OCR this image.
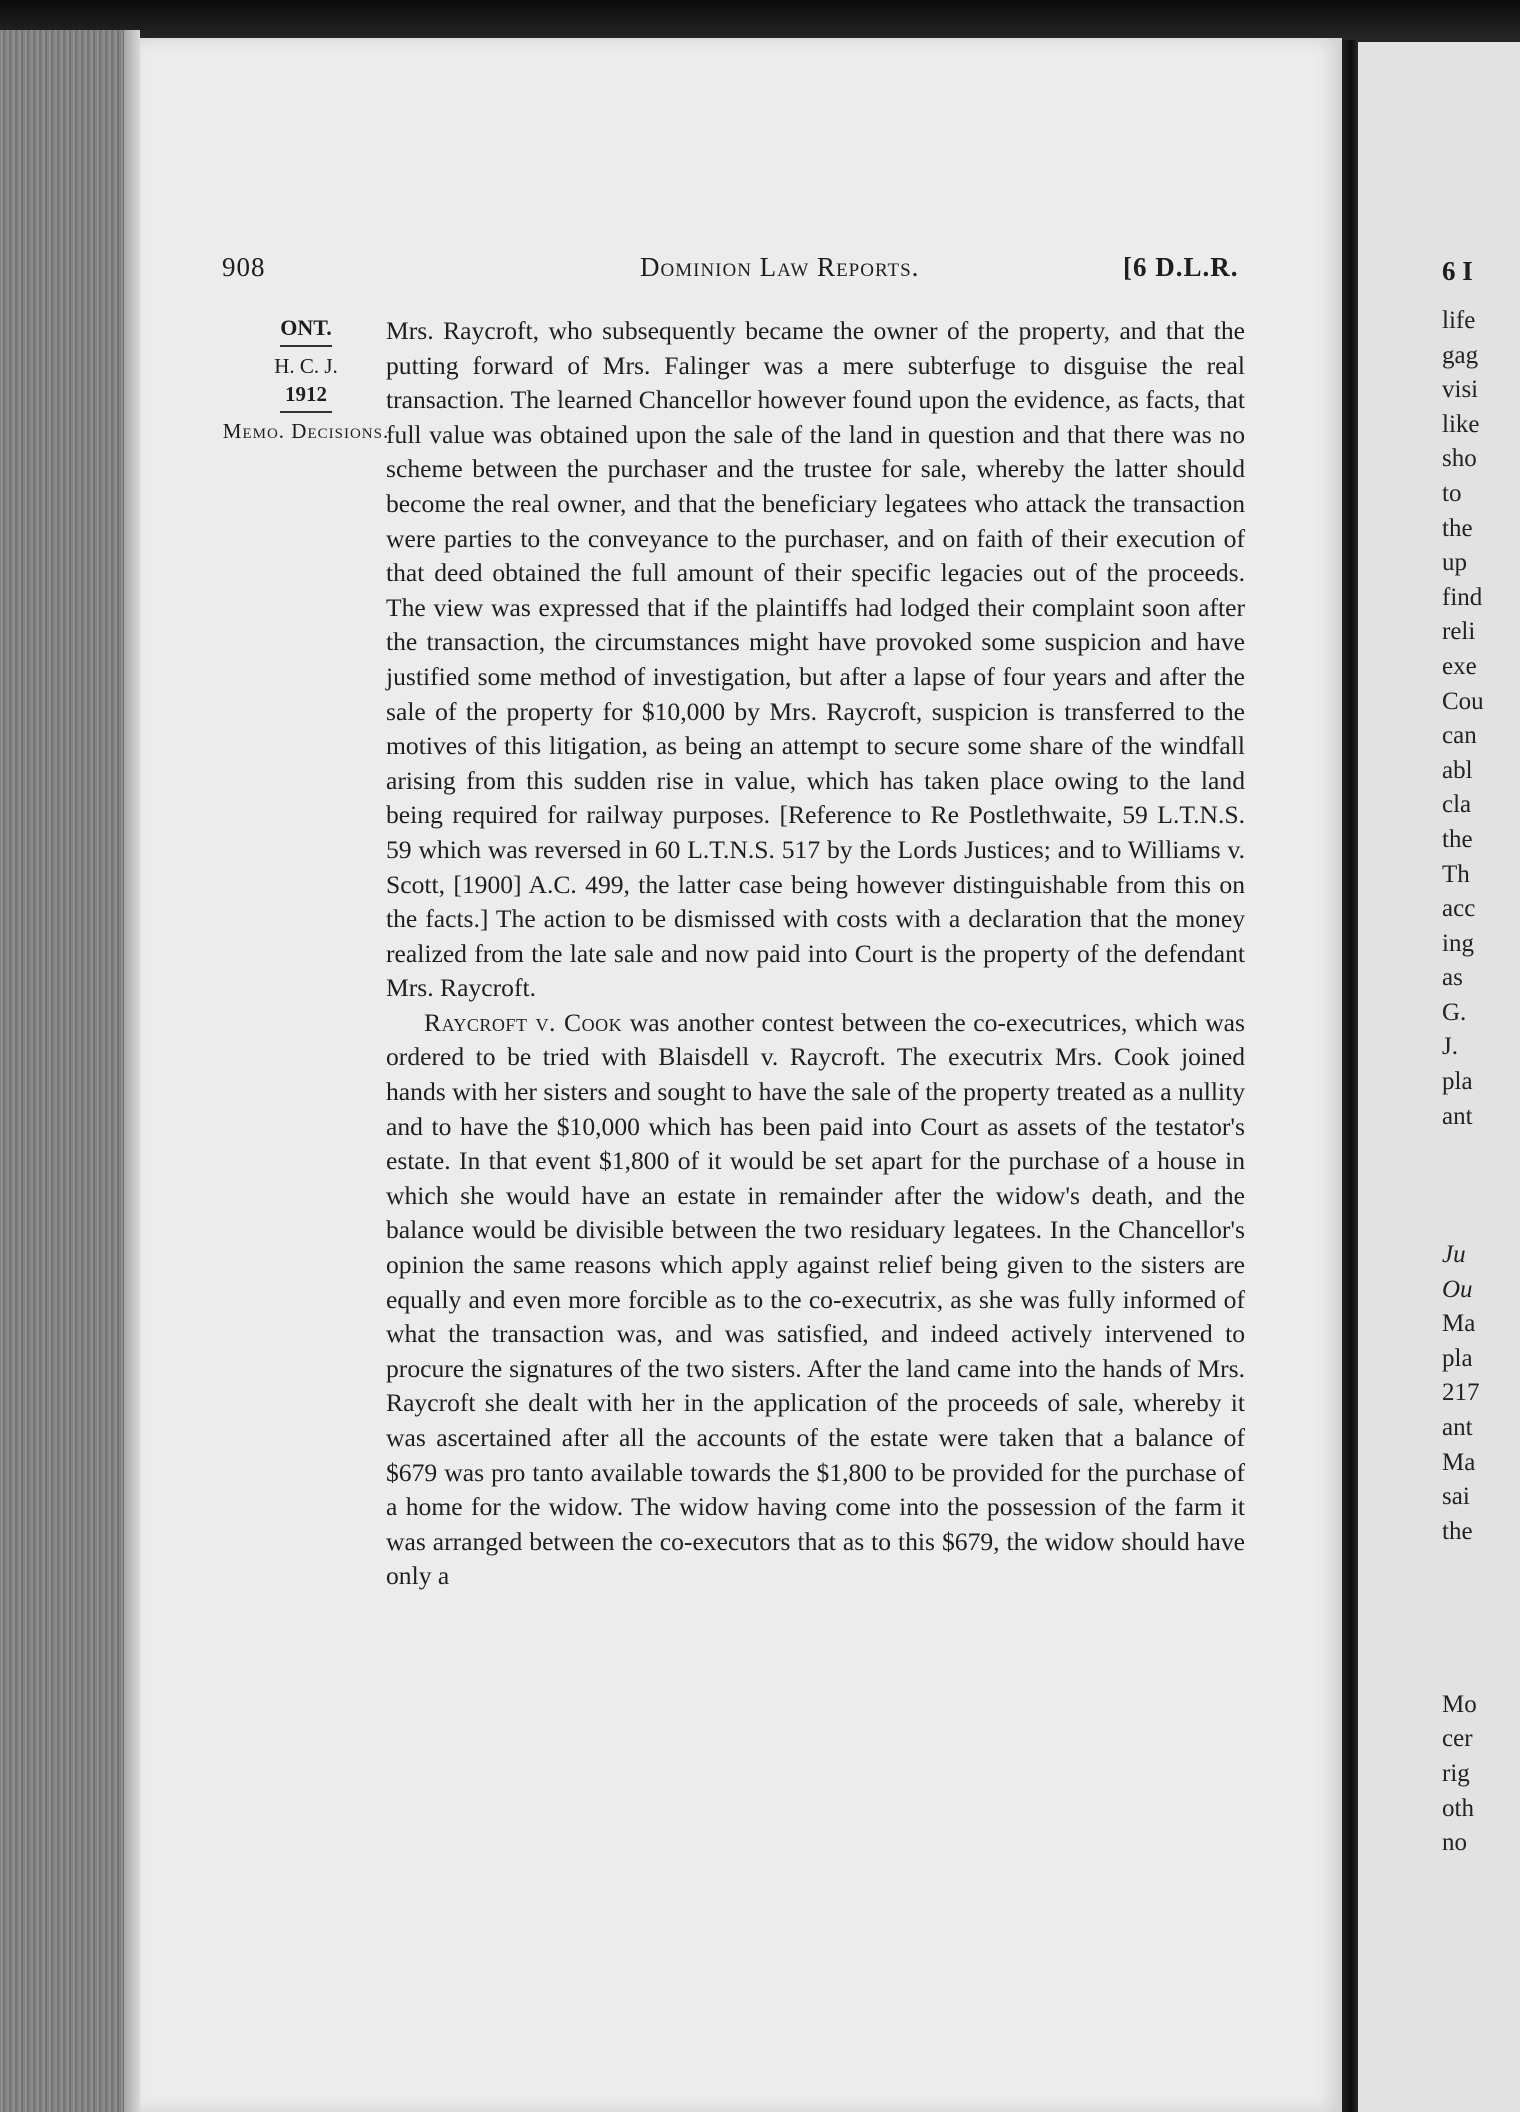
908	Dominion Law Reports.	[6 D.L.R.
ONT.
H. C. J.
1912
Memo. Decisions.

Mrs. Raycroft, who subsequently became the owner of the property, and that the putting forward of Mrs. Falinger was a mere subterfuge to disguise the real transaction. The learned Chancellor however found upon the evidence, as facts, that full value was obtained upon the sale of the land in question and that there was no scheme between the purchaser and the trustee for sale, whereby the latter should become the real owner, and that the beneficiary legatees who attack the transaction were parties to the conveyance to the purchaser, and on faith of their execution of that deed obtained the full amount of their specific legacies out of the proceeds. The view was expressed that if the plaintiffs had lodged their complaint soon after the transaction, the circumstances might have provoked some suspicion and have justified some method of investigation, but after a lapse of four years and after the sale of the property for $10,000 by Mrs. Raycroft, suspicion is transferred to the motives of this litigation, as being an attempt to secure some share of the windfall arising from this sudden rise in value, which has taken place owing to the land being required for railway purposes. [Reference to Re Postlethwaite, 59 L.T.N.S. 59 which was reversed in 60 L.T.N.S. 517 by the Lords Justices; and to Williams v. Scott, [1900] A.C. 499, the latter case being however distinguishable from this on the facts.] The action to be dismissed with costs with a declaration that the money realized from the late sale and now paid into Court is the property of the defendant Mrs. Raycroft.

Raycroft v. Cook was another contest between the co-executrices, which was ordered to be tried with Blaisdell v. Raycroft. The executrix Mrs. Cook joined hands with her sisters and sought to have the sale of the property treated as a nullity and to have the $10,000 which has been paid into Court as assets of the testator's estate. In that event $1,800 of it would be set apart for the purchase of a house in which she would have an estate in remainder after the widow's death, and the balance would be divisible between the two residuary legatees. In the Chancellor's opinion the same reasons which apply against relief being given to the sisters are equally and even more forcible as to the co-executrix, as she was fully informed of what the transaction was, and was satisfied, and indeed actively intervened to procure the signatures of the two sisters. After the land came into the hands of Mrs. Raycroft she dealt with her in the application of the proceeds of sale, whereby it was ascertained after all the accounts of the estate were taken that a balance of $679 was pro tanto available towards the $1,800 to be provided for the purchase of a home for the widow. The widow having come into the possession of the farm it was arranged between the co-executors that as to this $679, the widow should have only a

6 I
life
gag
visi
like
sho
to
the
up
find
reli
exe
Cou
can
abl
cla
the
Th
acc
ing
as
G.
J.
pla
ant
Ju
Ou
Ma
pla
217
ant
Ma
sai
the
Mo
cer
rig
oth
no
